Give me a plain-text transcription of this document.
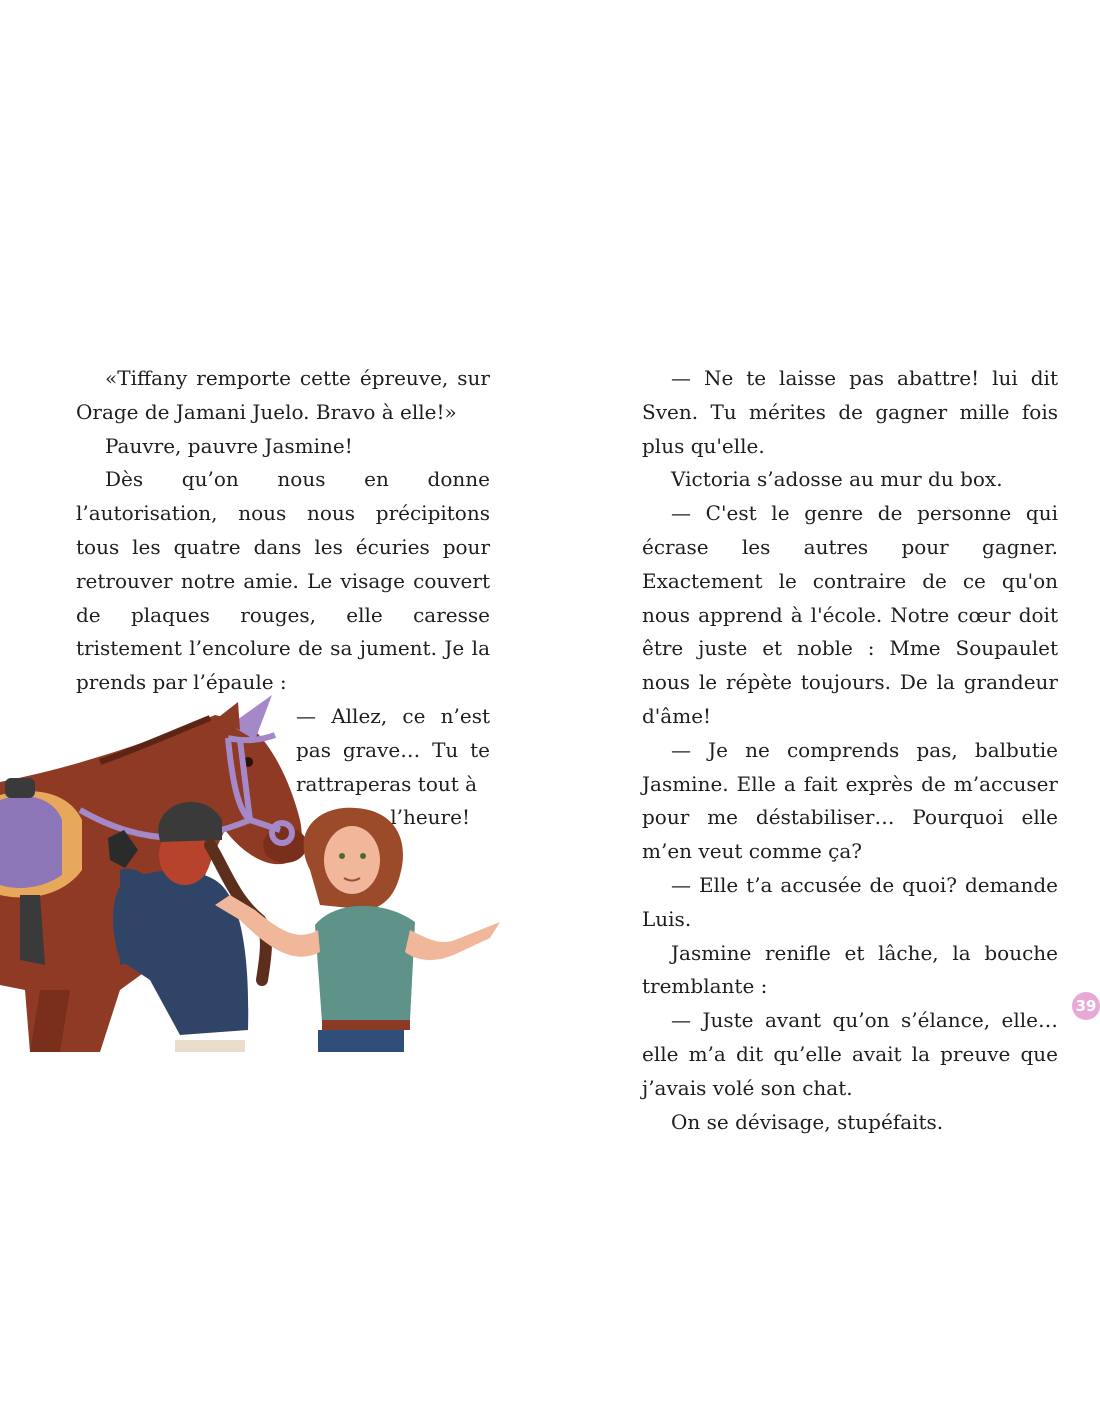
«Tiffany remporte cette épreuve, sur Orage de Jamani Juelo. Bravo à elle!»

Pauvre, pauvre Jasmine!

Dès qu’on nous en donne l’autorisation, nous nous précipitons tous les quatre dans les écuries pour retrouver notre amie. Le visage couvert de plaques rouges, elle caresse tristement l’encolure de sa jument. Je la prends par l’épaule :

— Allez, ce n’est pas grave… Tu te rattraperas tout à
l’heure!

— Ne te laisse pas abattre! lui dit Sven. Tu mérites de gagner mille fois plus qu'elle.

Victoria s’adosse au mur du box.

— C'est le genre de personne qui écrase les autres pour gagner. Exactement le contraire de ce qu'on nous apprend à l'école. Notre cœur doit être juste et noble : Mme Soupaulet nous le répète toujours. De la grandeur d'âme!

— Je ne comprends pas, balbutie Jasmine. Elle a fait exprès de m’accuser pour me déstabiliser… Pourquoi elle m’en veut comme ça?

— Elle t’a accusée de quoi? demande Luis.

Jasmine renifle et lâche, la bouche tremblante :

— Juste avant qu’on s’élance, elle… elle m’a dit qu’elle avait la preuve que j’avais volé son chat.

On se dévisage, stupéfaits.

39
